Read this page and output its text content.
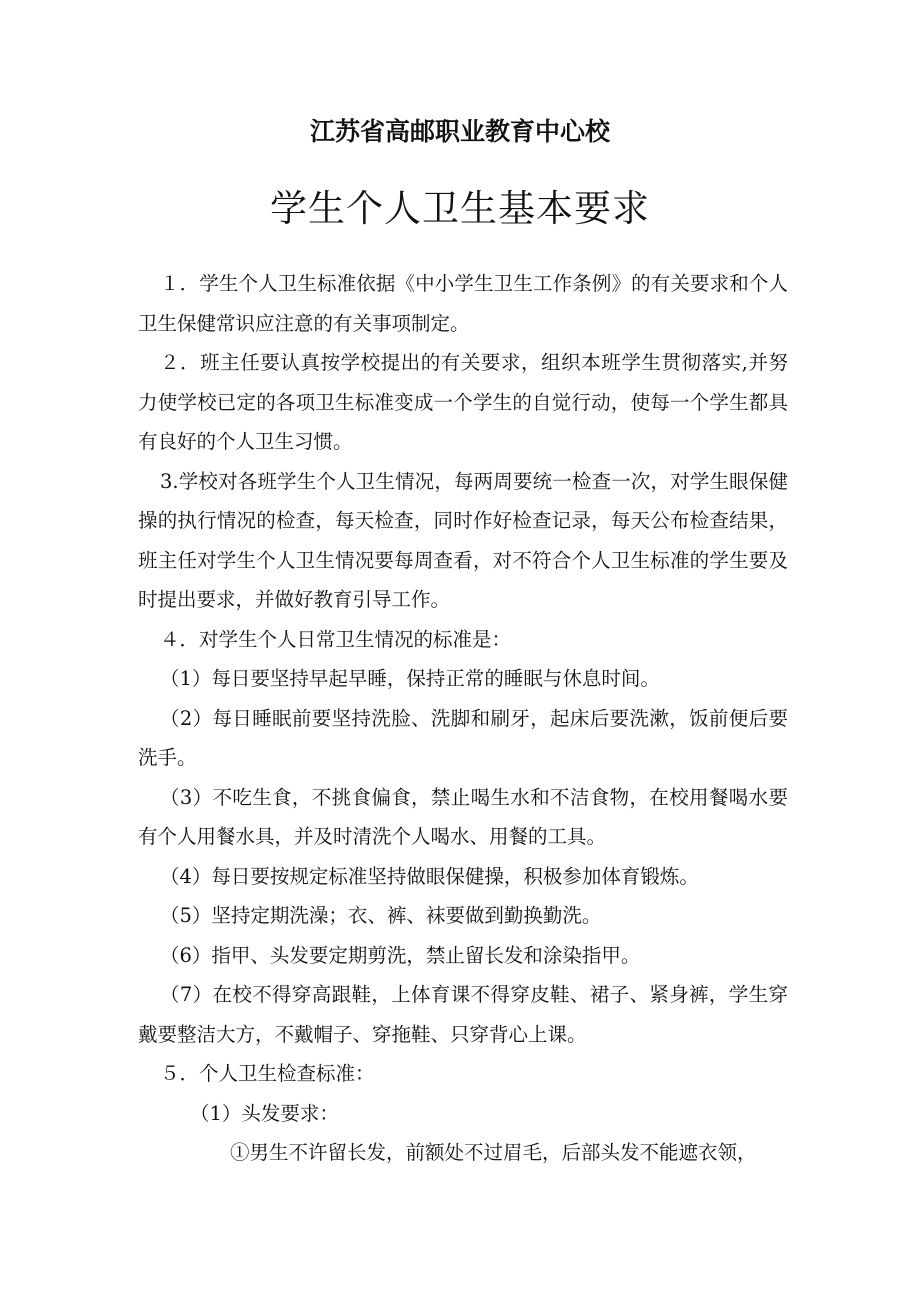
江苏省高邮职业教育中心校
学生个人卫生基本要求

１．学生个人卫生标准依据《中小学生卫生工作条例》的有关要求和个人卫生保健常识应注意的有关事项制定。

２．班主任要认真按学校提出的有关要求，组织本班学生贯彻落实,并努力使学校已定的各项卫生标准变成一个学生的自觉行动，使每一个学生都具有良好的个人卫生习惯。

3.学校对各班学生个人卫生情况，每两周要统一检查一次，对学生眼保健操的执行情况的检查，每天检查，同时作好检查记录，每天公布检查结果，班主任对学生个人卫生情况要每周查看，对不符合个人卫生标准的学生要及时提出要求，并做好教育引导工作。

４．对学生个人日常卫生情况的标准是：

（1）每日要坚持早起早睡，保持正常的睡眠与休息时间。

（2）每日睡眠前要坚持洗脸、洗脚和刷牙，起床后要洗漱，饭前便后要洗手。

（3）不吃生食，不挑食偏食，禁止喝生水和不洁食物，在校用餐喝水要有个人用餐水具，并及时清洗个人喝水、用餐的工具。

（4）每日要按规定标准坚持做眼保健操，积极参加体育锻炼。

（5）坚持定期洗澡；衣、裤、袜要做到勤换勤洗。

（6）指甲、头发要定期剪洗，禁止留长发和涂染指甲。

（7）在校不得穿高跟鞋，上体育课不得穿皮鞋、裙子、紧身裤，学生穿戴要整洁大方，不戴帽子、穿拖鞋、只穿背心上课。

５．个人卫生检查标准：

（1）头发要求：

①男生不许留长发，前额处不过眉毛，后部头发不能遮衣领，
